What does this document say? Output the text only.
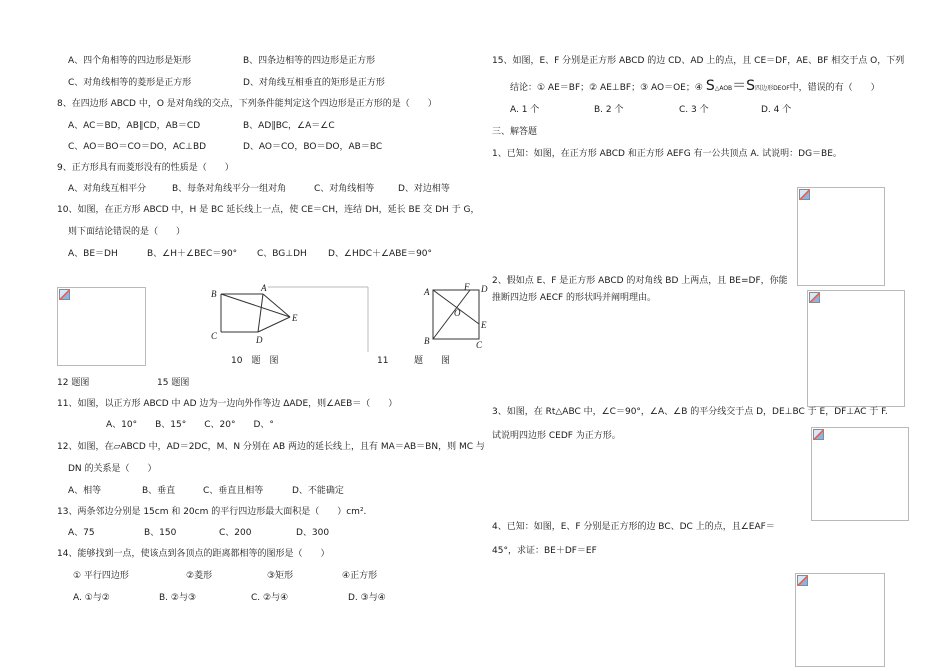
A、四个角相等的四边形是矩形	B、四条边相等的四边形是正方形
C、对角线相等的菱形是正方形	D、对角线互相垂直的矩形是正方形
8、在四边形 ABCD 中，O 是对角线的交点，下列条件能判定这个四边形是正方形的是（　　）
A、AC＝BD，AB∥CD，AB＝CD	B、AD∥BC，∠A＝∠C
C、AO＝BO＝CO＝DO，AC⊥BD	D、AO＝CO，BO＝DO，AB＝BC
9、正方形具有而菱形没有的性质是（　　）
A、对角线互相平分	B、每条对角线平分一组对角	C、对角线相等	D、对边相等
10、如图，在正方形 ABCD 中，H 是 BC 延长线上一点，使 CE＝CH，连结 DH，延长 BE 交 DH 于 G，
则下面结论错误的是（　　）
A、BE＝DH	B、∠H＋∠BEC＝90° C、BG⊥DH D、∠HDC＋∠ABE＝90°
B
A
C	D
E
A	F D
O
E
B	C
10　题　图	11	题　　图
12 题图	15 题图
11、如图，以正方形 ABCD 中 AD 边为一边向外作等边 ΔADE，则∠AEB＝（　　）
A、10°　　B、15°　　C、20°　　D、°
12、如图，在▱ABCD 中，AD＝2DC，M、N 分别在 AB 两边的延长线上，且有 MA＝AB＝BN，则 MC 与
DN 的关系是（　　）
A、相等	B、垂直	C、垂直且相等	D、不能确定
13、两条邻边分别是 15cm 和 20cm 的平行四边形最大面积是（　　）cm².
A、75	B、150	C、200	D、300
14、能够找到一点，使该点到各顶点的距离都相等的图形是（　　）
① 平行四边形	②菱形	③矩形	④正方形
A. ①与②	B. ②与③	C. ②与④	D. ③与④
15、如图，E、F 分别是正方形 ABCD 的边 CD、AD 上的点，且 CE＝DF，AE、BF 相交于点 O，下列
结论：① AE＝BF；② AE⊥BF；③ AO＝OE；④ S△AOB＝S四边形DEOF中，错误的有（　　）
A. 1 个	B. 2 个	C. 3 个	D. 4 个
三、解答题
1、已知：如图，在正方形 ABCD 和正方形 AEFG 有一公共顶点 A. 试说明：DG＝BE。
2、假如点 E、F 是正方形 ABCD 的对角线 BD 上两点，且 BE=DF，你能
推断四边形 AECF 的形状吗并阐明理由。
3、如图，在 Rt△ABC 中，∠C＝90°，∠A、∠B 的平分线交于点 D，DE⊥BC 于 E，DF⊥AC 于 F.
试说明四边形 CEDF 为正方形。
4、已知：如图，E、F 分别是正方形的边 BC、DC 上的点，且∠EAF＝
45°，求证：BE＋DF＝EF
